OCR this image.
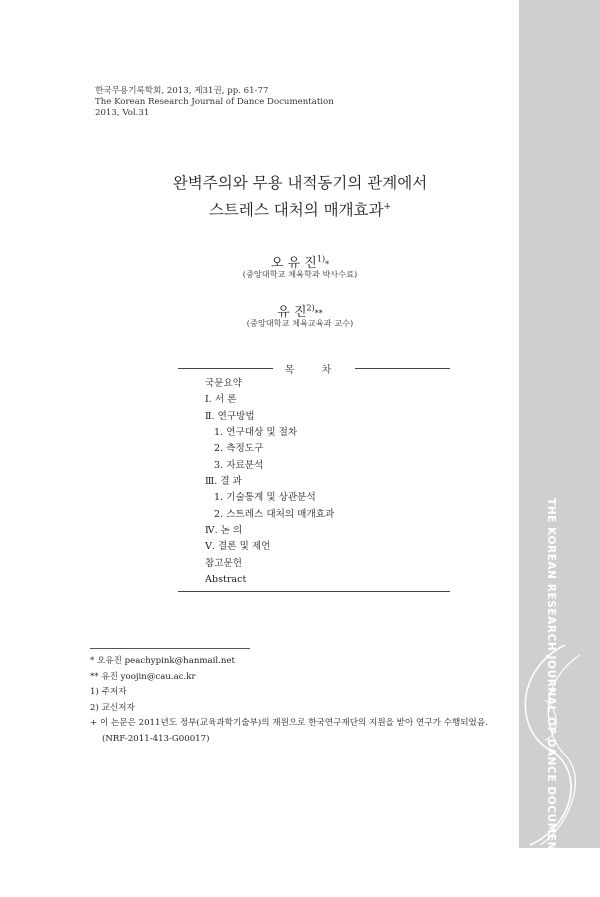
THE KOREAN RESEARCH JOURNAL OF DANCE DOCUMENTATION
한국무용기록학회, 2013, 제31권, pp. 61-77
The Korean Research Journal of Dance Documentation
2013, Vol.31
완벽주의와 무용 내적동기의 관계에서
스트레스 대처의 매개효과+
오 유 진$^{1)}$*
(중앙대학교 체육학과 박사수료)
유 진$^{2)}$**
(중앙대학교 체육교육과 교수)
목 차
국문요약
Ⅰ. 서 론
Ⅱ. 연구방법
1. 연구대상 및 절차
2. 측정도구
3. 자료분석
Ⅲ. 결 과
1. 기술통계 및 상관분석
2. 스트레스 대처의 매개효과
Ⅳ. 논 의
Ⅴ. 결론 및 제언
참고문헌
Abstract
* 오유진 peachypink@hanmail.net
** 유진 yoojin@cau.ac.kr
1) 주저자
2) 교신저자
+ 이 논문은 2011년도 정부(교육과학기술부)의 재원으로 한국연구재단의 지원을 받아 연구가 수행되었음.
(NRF-2011-413-G00017)
